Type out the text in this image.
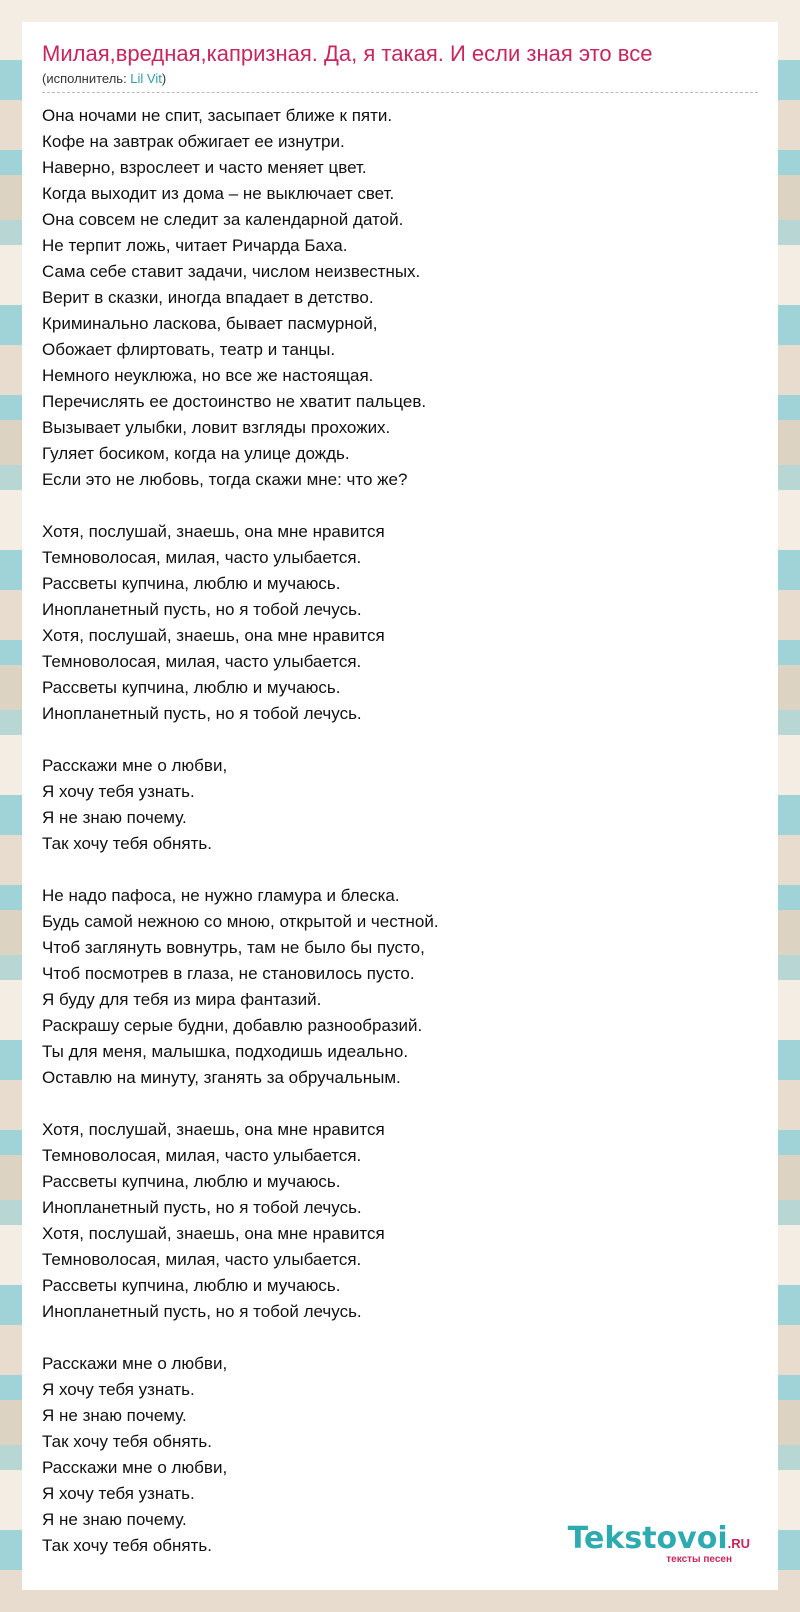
Милая,вредная,капризная. Да, я такая. И если зная это все
(исполнитель: Lil Vit)
Она ночами не спит, засыпает ближе к пяти.
Кофе на завтрак обжигает ее изнутри.
Наверно, взрослеет и часто меняет цвет.
Когда выходит из дома – не выключает свет.
Она совсем не следит за календарной датой.
Не терпит ложь, читает Ричарда Баха.
Сама себе ставит задачи, числом неизвестных.
Верит в сказки, иногда впадает в детство.
Криминально ласкова, бывает пасмурной,
Обожает флиртовать, театр и танцы.
Немного неуклюжа, но все же настоящая.
Перечислять ее достоинство не хватит пальцев.
Вызывает улыбки, ловит взгляды прохожих.
Гуляет босиком, когда на улице дождь.
Если это не любовь, тогда скажи мне: что же?
Хотя, послушай, знаешь, она мне нравится
Темноволосая, милая, часто улыбается.
Рассветы купчина, люблю и мучаюсь.
Инопланетный пусть, но я тобой лечусь.
Хотя, послушай, знаешь, она мне нравится
Темноволосая, милая, часто улыбается.
Рассветы купчина, люблю и мучаюсь.
Инопланетный пусть, но я тобой лечусь.
Расскажи мне о любви,
Я хочу тебя узнать.
Я не знаю почему.
Так хочу тебя обнять.
Не надо пафоса, не нужно гламура и блеска.
Будь самой нежною со мною, открытой и честной.
Чтоб заглянуть вовнутрь, там не было бы пусто,
Чтоб посмотрев в глаза, не становилось пусто.
Я буду для тебя из мира фантазий.
Раскрашу серые будни, добавлю разнообразий.
Ты для меня, малышка, подходишь идеально.
Оставлю на минуту, зганять за обручальным.
Хотя, послушай, знаешь, она мне нравится
Темноволосая, милая, часто улыбается.
Рассветы купчина, люблю и мучаюсь.
Инопланетный пусть, но я тобой лечусь.
Хотя, послушай, знаешь, она мне нравится
Темноволосая, милая, часто улыбается.
Рассветы купчина, люблю и мучаюсь.
Инопланетный пусть, но я тобой лечусь.
Расскажи мне о любви,
Я хочу тебя узнать.
Я не знаю почему.
Так хочу тебя обнять.
Расскажи мне о любви,
Я хочу тебя узнать.
Я не знаю почему.
Так хочу тебя обнять.	Tekstovoi.RU
тексты песен
